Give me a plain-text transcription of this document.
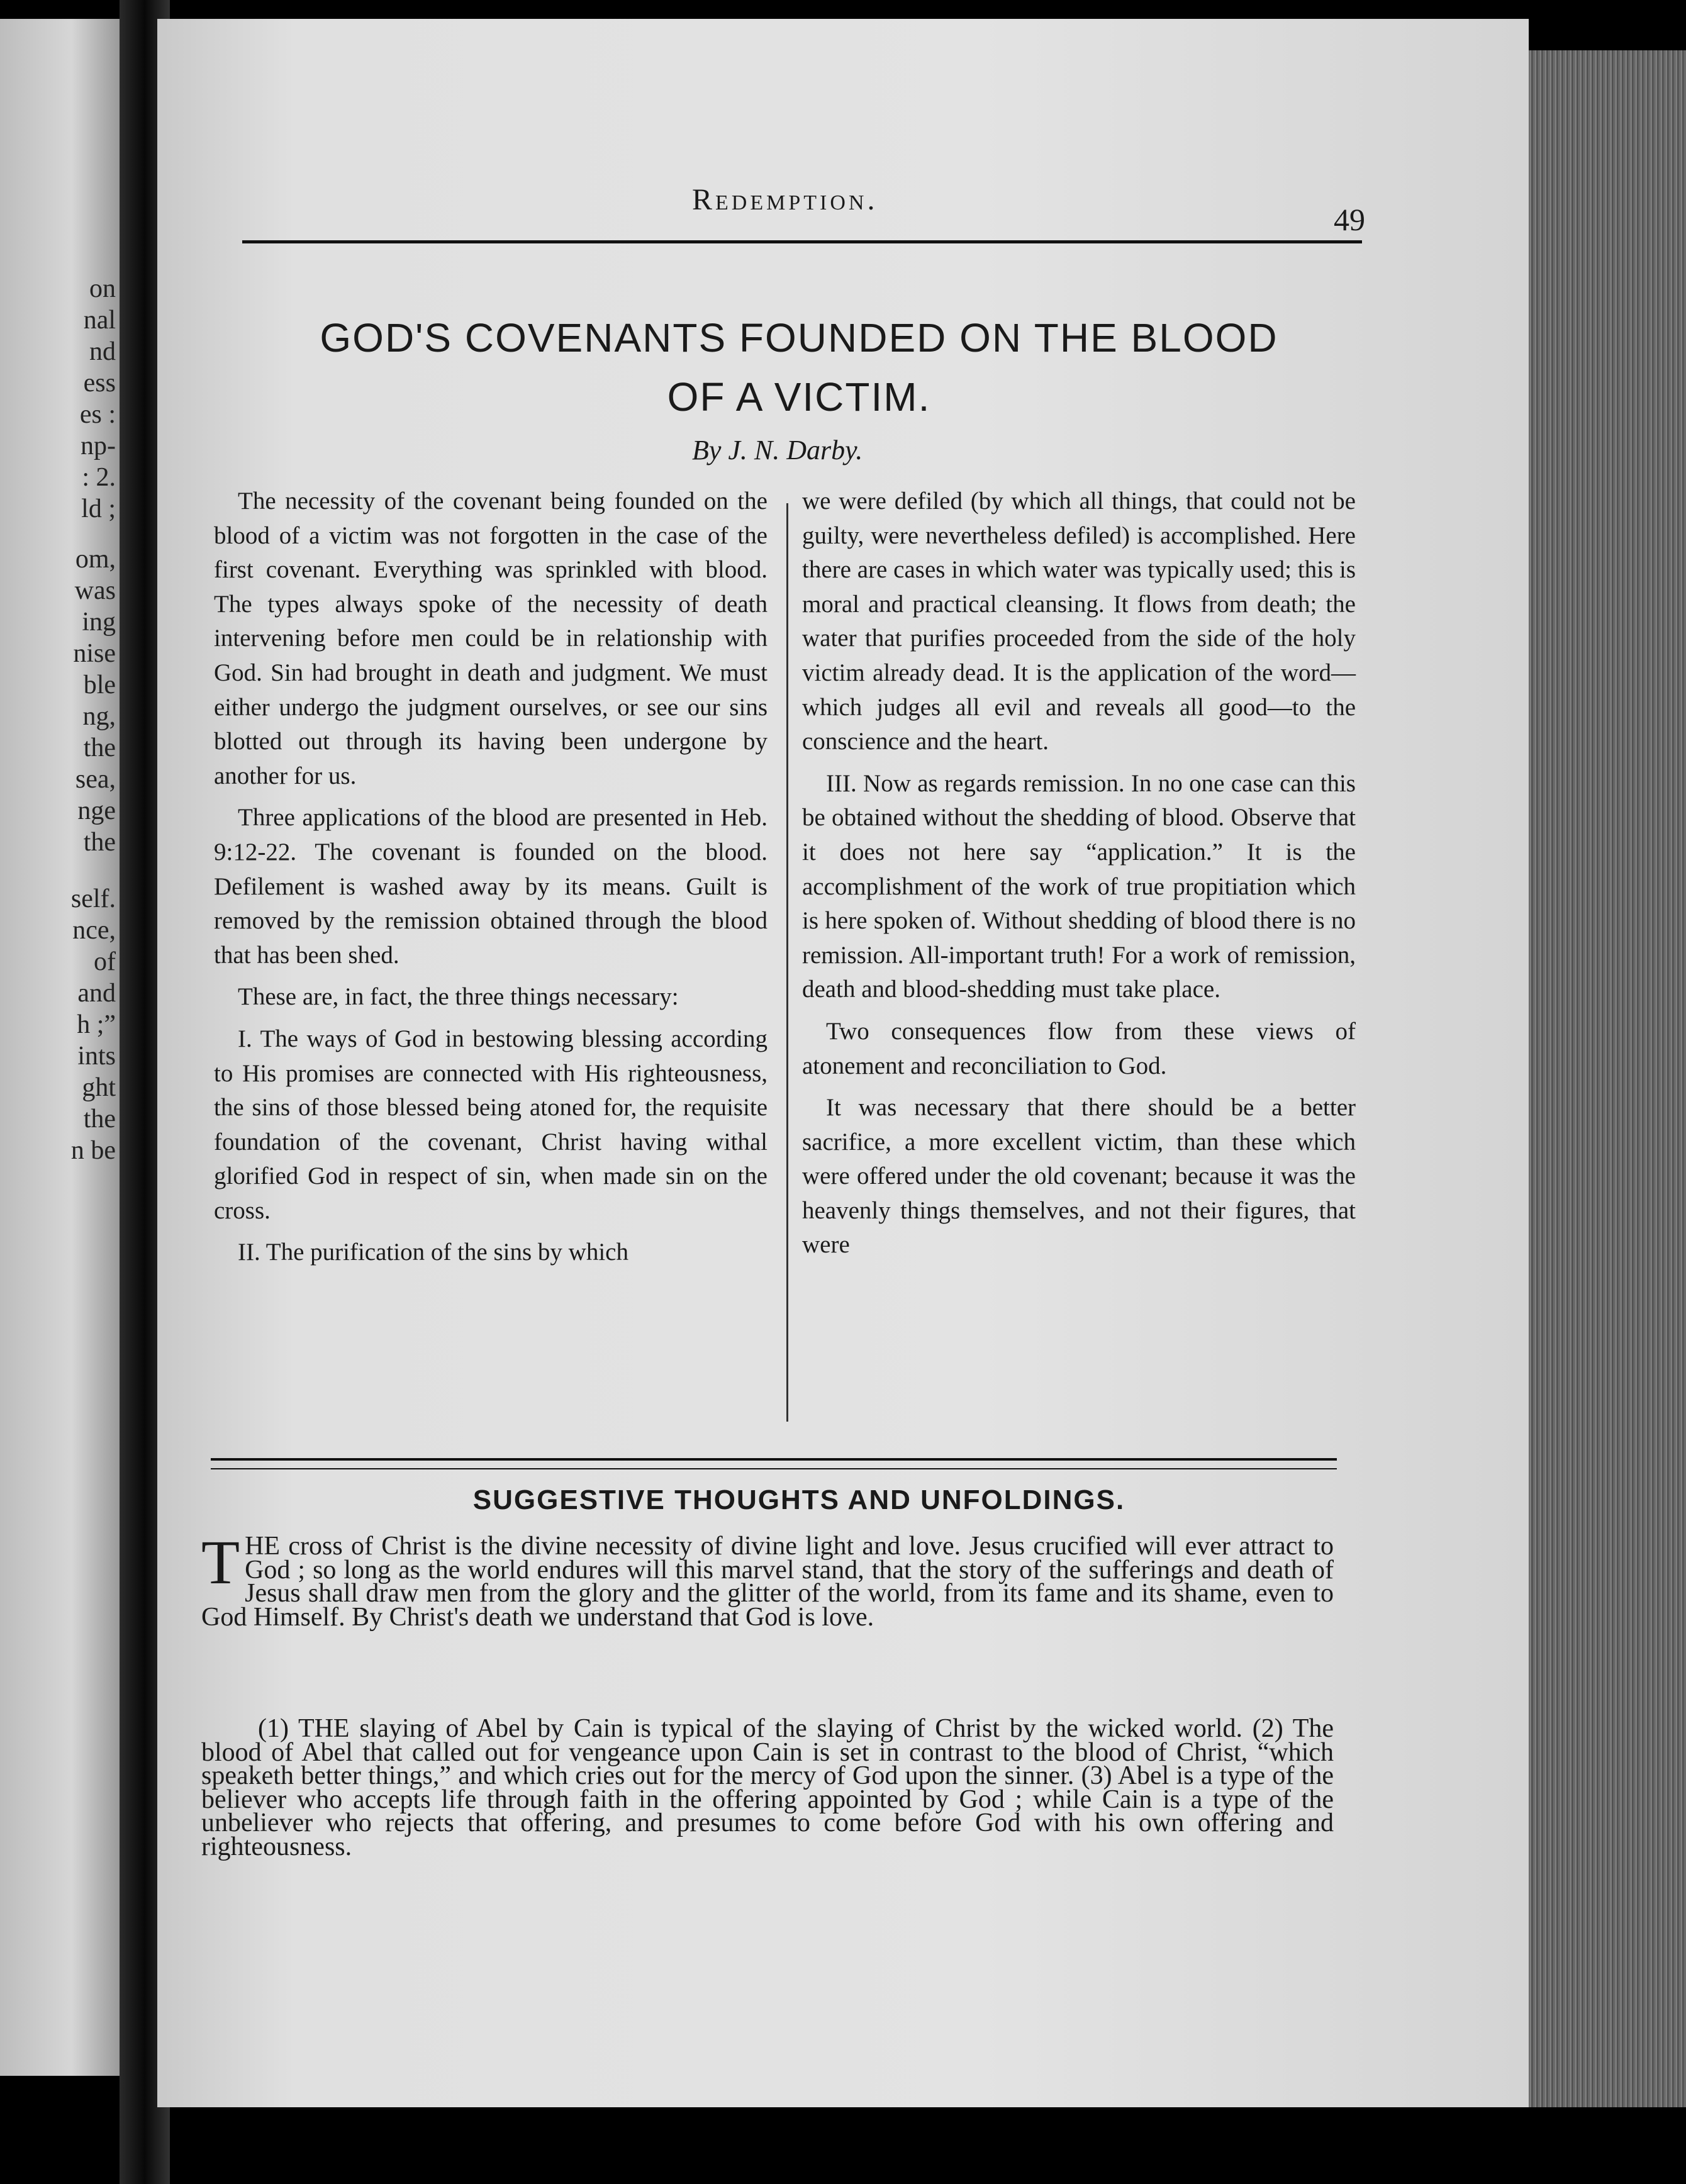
on
nal
nd
ess
es :
np-
: 2.
ld ;
om,
was
ing
nise
ble
ng,
the
sea,
nge
the
self.
nce,
of
and
h ;”
ints
ght
the
n be
Redemption.
49
GOD'S COVENANTS FOUNDED ON THE BLOOD
OF A VICTIM.
By J. N. Darby.

The necessity of the covenant being founded on the blood of a victim was not forgotten in the case of the first covenant. Everything was sprinkled with blood. The types always spoke of the necessity of death intervening before men could be in relationship with God. Sin had brought in death and judgment. We must either undergo the judgment ourselves, or see our sins blotted out through its having been undergone by another for us.

Three applications of the blood are presented in Heb. 9:12-22. The covenant is founded on the blood. Defilement is washed away by its means. Guilt is removed by the remission obtained through the blood that has been shed.

These are, in fact, the three things necessary:

I. The ways of God in bestowing blessing according to His promises are connected with His righteousness, the sins of those blessed being atoned for, the requisite foundation of the covenant, Christ having withal glorified God in respect of sin, when made sin on the cross.

II. The purification of the sins by which

we were defiled (by which all things, that could not be guilty, were nevertheless defiled) is accomplished. Here there are cases in which water was typically used; this is moral and practical cleansing. It flows from death; the water that purifies proceeded from the side of the holy victim already dead. It is the application of the word—which judges all evil and reveals all good—to the conscience and the heart.

III. Now as regards remission. In no one case can this be obtained without the shedding of blood. Observe that it does not here say “application.” It is the accomplishment of the work of true propitiation which is here spoken of. Without shedding of blood there is no remission. All-important truth! For a work of remission, death and blood-shedding must take place.

Two consequences flow from these views of atonement and reconciliation to God.

It was necessary that there should be a better sacrifice, a more excellent victim, than these which were offered under the old covenant; because it was the heavenly things themselves, and not their figures, that were

SUGGESTIVE THOUGHTS AND UNFOLDINGS.

THE cross of Christ is the divine necessity of divine light and love. Jesus crucified will ever attract to God ; so long as the world endures will this marvel stand, that the story of the sufferings and death of Jesus shall draw men from the glory and the glitter of the world, from its fame and its shame, even to God Himself. By Christ's death we understand that God is love.

(1) THE slaying of Abel by Cain is typical of the slaying of Christ by the wicked world. (2) The blood of Abel that called out for vengeance upon Cain is set in contrast to the blood of Christ, “which speaketh better things,” and which cries out for the mercy of God upon the sinner. (3) Abel is a type of the believer who accepts life through faith in the offering appointed by God ; while Cain is a type of the unbeliever who rejects that offering, and presumes to come before God with his own offering and righteousness.
